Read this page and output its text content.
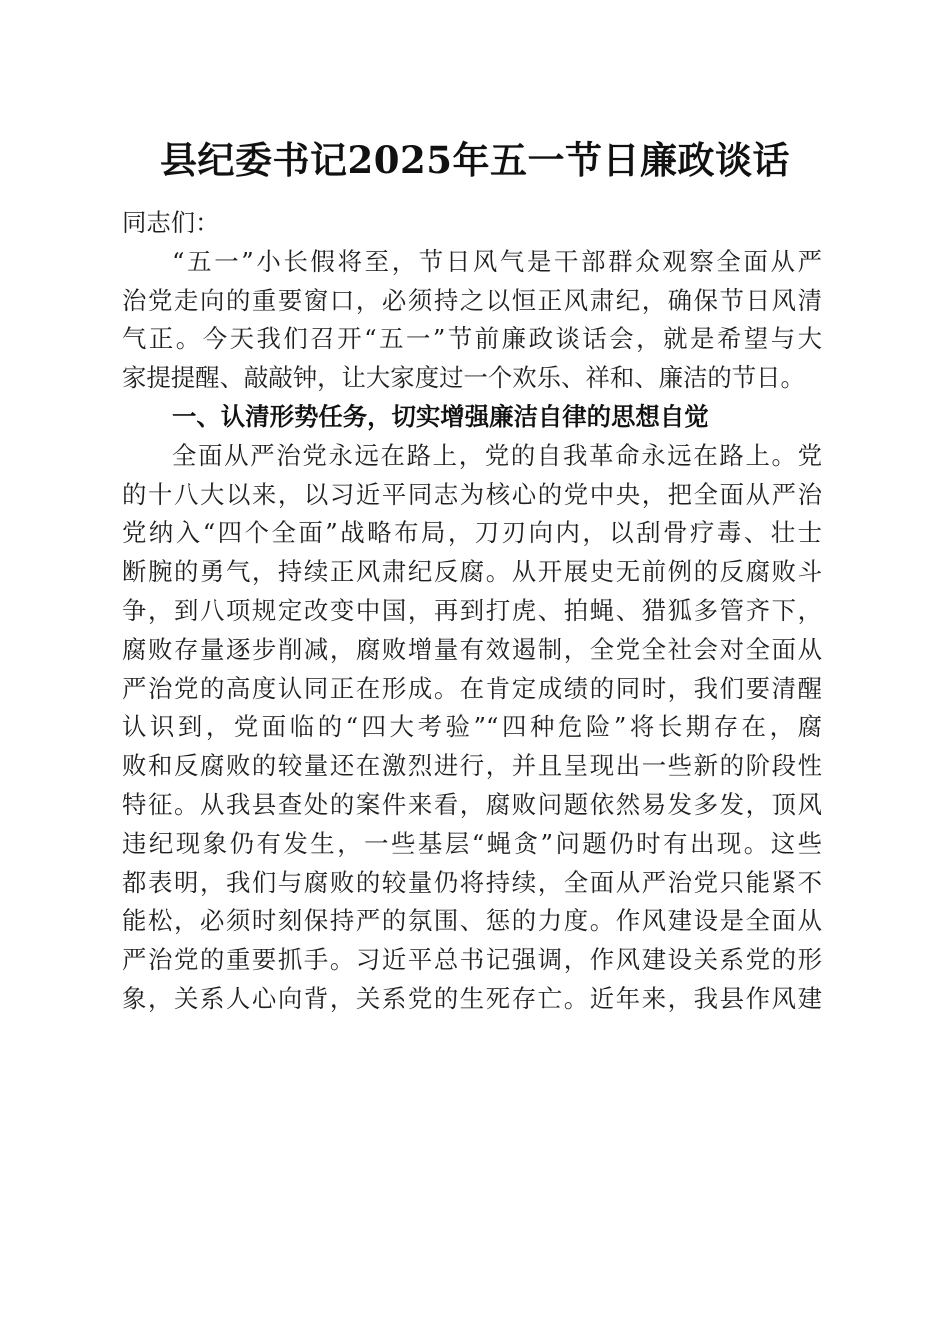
县纪委书记2025年五一节日廉政谈话
同志们：
“五一”小长假将至，节日风气是干部群众观察全面从严
治党走向的重要窗口，必须持之以恒正风肃纪，确保节日风清
气正。今天我们召开“五一”节前廉政谈话会，就是希望与大
家提提醒、敲敲钟，让大家度过一个欢乐、祥和、廉洁的节日。
一、认清形势任务，切实增强廉洁自律的思想自觉
全面从严治党永远在路上，党的自我革命永远在路上。党
的十八大以来，以习近平同志为核心的党中央，把全面从严治
党纳入“四个全面”战略布局，刀刃向内，以刮骨疗毒、壮士
断腕的勇气，持续正风肃纪反腐。从开展史无前例的反腐败斗
争，到八项规定改变中国，再到打虎、拍蝇、猎狐多管齐下，
腐败存量逐步削减，腐败增量有效遏制，全党全社会对全面从
严治党的高度认同正在形成。在肯定成绩的同时，我们要清醒
认识到，党面临的“四大考验”“四种危险”将长期存在，腐
败和反腐败的较量还在激烈进行，并且呈现出一些新的阶段性
特征。从我县查处的案件来看，腐败问题依然易发多发，顶风
违纪现象仍有发生，一些基层“蝇贪”问题仍时有出现。这些
都表明，我们与腐败的较量仍将持续，全面从严治党只能紧不
能松，必须时刻保持严的氛围、惩的力度。作风建设是全面从
严治党的重要抓手。习近平总书记强调，作风建设关系党的形
象，关系人心向背，关系党的生死存亡。近年来，我县作风建
